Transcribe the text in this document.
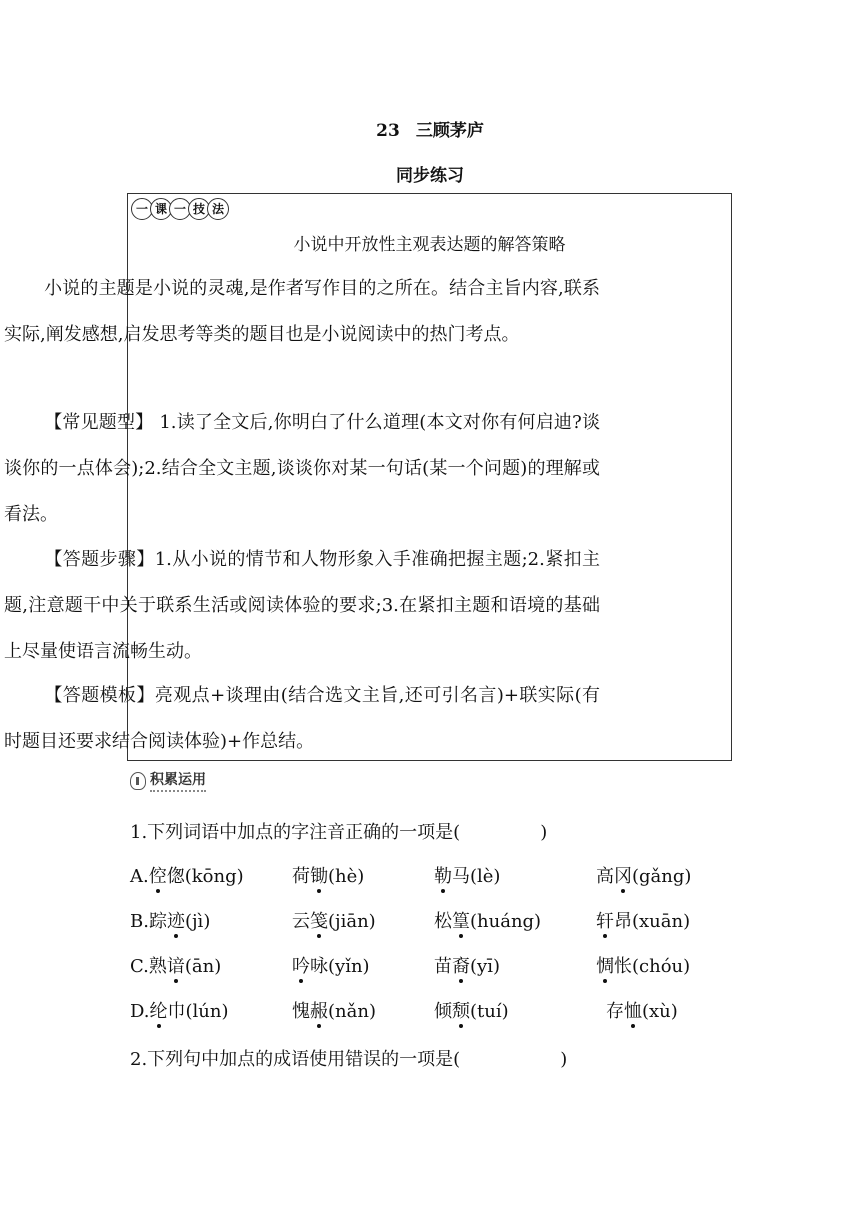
23 三顾茅庐
同步练习
一 课 一 技 法
小说中开放性主观表达题的解答策略
小说的主题是小说的灵魂,是作者写作目的之所在。结合主旨内容,联系实际,阐发感想,启发思考等类的题目也是小说阅读中的热门考点。
【常见题型】 1.读了全文后,你明白了什么道理(本文对你有何启迪?谈谈你的一点体会);2.结合全文主题,谈谈你对某一句话(某一个问题)的理解或看法。
【答题步骤】1.从小说的情节和人物形象入手准确把握主题;2.紧扣主题,注意题干中关于联系生活或阅读体验的要求;3.在紧扣主题和语境的基础上尽量使语言流畅生动。
【答题模板】亮观点+谈理由(结合选文主旨,还可引名言)+联实际(有时题目还要求结合阅读体验)+作总结。
积累运用
1.下列词语中加点的字注音正确的一项是(	)
A.倥偬(kōng)	荷锄(hè)	勒马(lè)	高冈(gǎng)
B.踪迹(jì)	云笺(jiān)	松篁(huáng)	轩昂(xuān)
C.熟谙(ān)	吟咏(yǐn)	苗裔(yī)	惆怅(chóu)
D.纶巾(lún)	愧赧(nǎn)	倾颓(tuí)	存恤(xù)
2.下列句中加点的成语使用错误的一项是(	)
